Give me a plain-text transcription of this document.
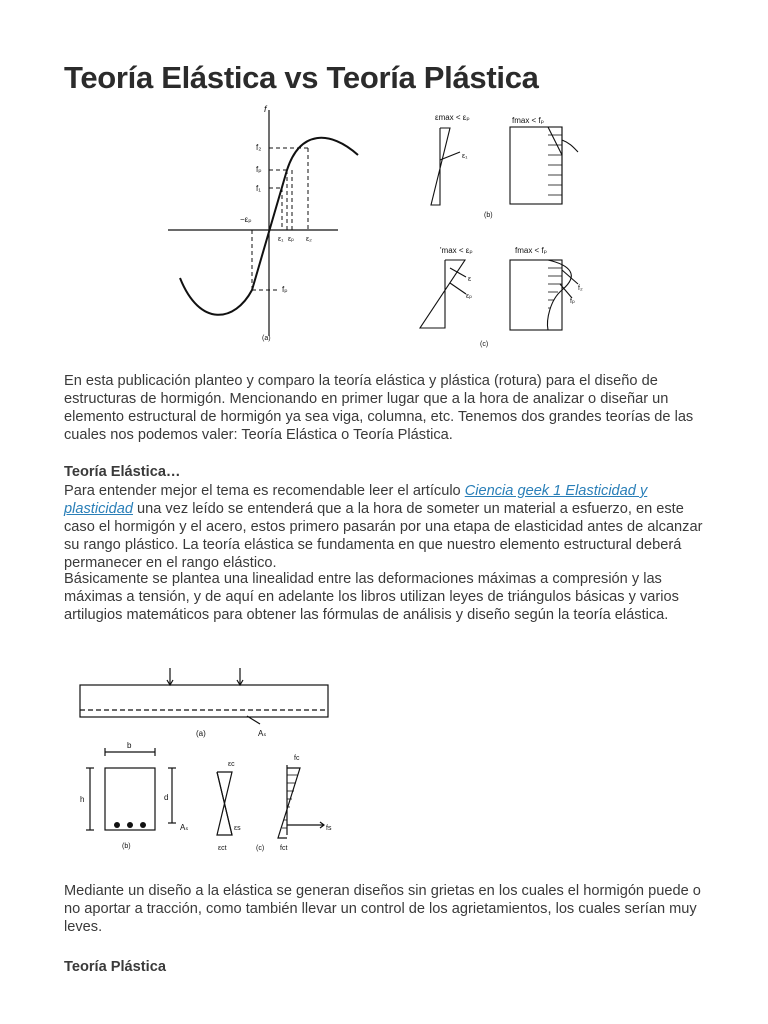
Teoría Elástica vs Teoría Plástica
f
f₂
fₚ
f₁
−εₚ
ε₁ εₚ ε₂
fₚ
(a)
εmax < εₚ	fmax < fₚ
ε₁
(b)
'max < εₚ	fmax < fₚ
ε
εₚ
f₂
fₚ
(c)

En esta publicación planteo y comparo la teoría elástica y plástica (rotura) para el diseño de estructuras de hormigón. Mencionando en primer lugar que a la hora de analizar o diseñar un elemento estructural de hormigón ya sea viga, columna, etc. Tenemos dos grandes teorías de las cuales nos podemos valer: Teoría Elástica o Teoría Plástica.

Teoría Elástica…

Para entender mejor el tema es recomendable leer el artículo Ciencia geek 1 Elasticidad y plasticidad una vez leído se entenderá que a la hora de someter un material a esfuerzo, en este caso el hormigón y el acero, estos primero pasarán por una etapa de elasticidad antes de alcanzar su rango plástico. La teoría elástica se fundamenta en que nuestro elemento estructural deberá permanecer en el rango elástico.

Básicamente se plantea una linealidad entre las deformaciones máximas a compresión y las máximas a tensión, y de aquí en adelante los libros utilizan leyes de triángulos básicas y varios artilugios matemáticos para obtener las fórmulas de análisis y diseño según la teoría elástica.

(a)	Aₛ
b
h	d
Aₛ
(b)
εc
εs
εct	(c)
fc
fs
fct

Mediante un diseño a la elástica se generan diseños sin grietas en los cuales el hormigón puede o no aportar a tracción, como también llevar un control de los agrietamientos, los cuales serían muy leves.

Teoría Plástica
